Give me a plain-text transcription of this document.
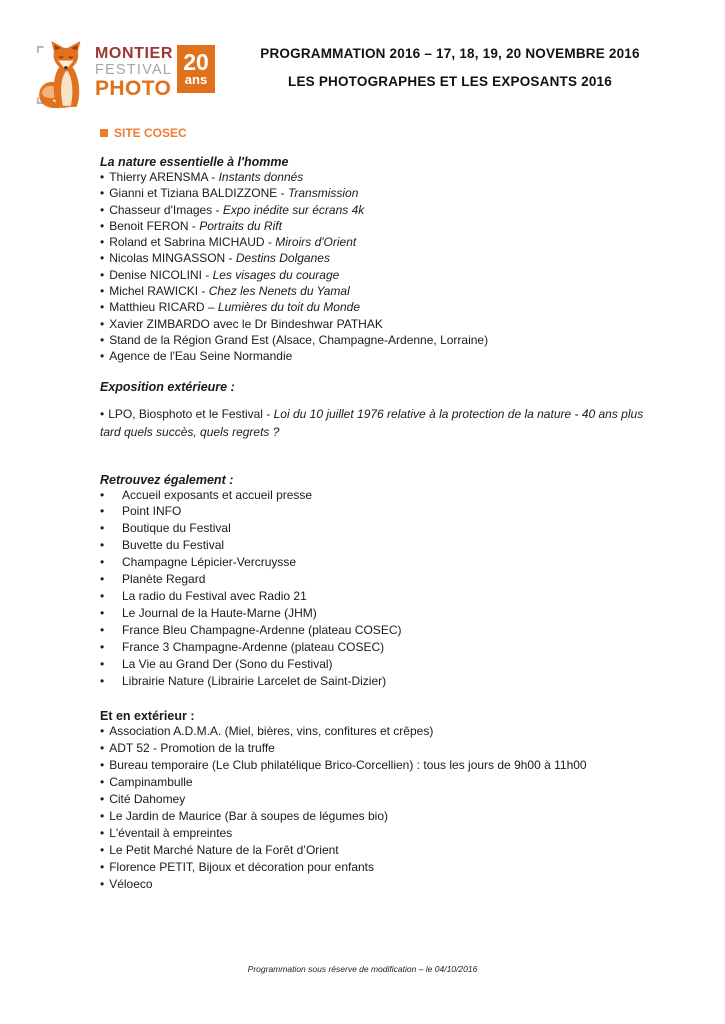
MONTIER
FESTIVAL
PHOTO
20
ans
PROGRAMMATION 2016 – 17, 18, 19, 20 NOVEMBRE 2016
LES PHOTOGRAPHES ET LES EXPOSANTS 2016
SITE COSEC
La nature essentielle à l'homme
• Thierry ARENSMA - Instants donnés
• Gianni et Tiziana BALDIZZONE - Transmission
• Chasseur d'Images - Expo inédite sur écrans 4k
• Benoit FERON - Portraits du Rift
• Roland et Sabrina MICHAUD - Miroirs d'Orient
• Nicolas MINGASSON - Destins Dolganes
• Denise NICOLINI - Les visages du courage
• Michel RAWICKI - Chez les Nenets du Yamal
• Matthieu RICARD – Lumières du toit du Monde
• Xavier ZIMBARDO avec le Dr Bindeshwar PATHAK
• Stand de la Région Grand Est (Alsace, Champagne-Ardenne, Lorraine)
• Agence de l'Eau Seine Normandie
Exposition extérieure :

• LPO, Biosphoto et le Festival - Loi du 10 juillet 1976 relative à la protection de la nature - 40 ans plus tard quels succès, quels regrets ?

Retrouvez également :
• Accueil exposants et accueil presse
• Point INFO
• Boutique du Festival
• Buvette du Festival
• Champagne Lépicier-Vercruysse
• Planète Regard
• La radio du Festival avec Radio 21
• Le Journal de la Haute-Marne (JHM)
• France Bleu Champagne-Ardenne (plateau COSEC)
• France 3 Champagne-Ardenne (plateau COSEC)
• La Vie au Grand Der (Sono du Festival)
• Librairie Nature (Librairie Larcelet de Saint-Dizier)
Et en extérieur :
• Association A.D.M.A. (Miel, bières, vins, confitures et crêpes)
• ADT 52 - Promotion de la truffe
• Bureau temporaire (Le Club philatélique Brico-Corcellien) : tous les jours de 9h00 à 11h00
• Campinambulle
• Cité Dahomey
• Le Jardin de Maurice (Bar à soupes de légumes bio)
• L'éventail à empreintes
• Le Petit Marché Nature de la Forêt d’Orient
• Florence PETIT, Bijoux et décoration pour enfants
• Véloeco
Programmation sous réserve de modification – le 04/10/2016
